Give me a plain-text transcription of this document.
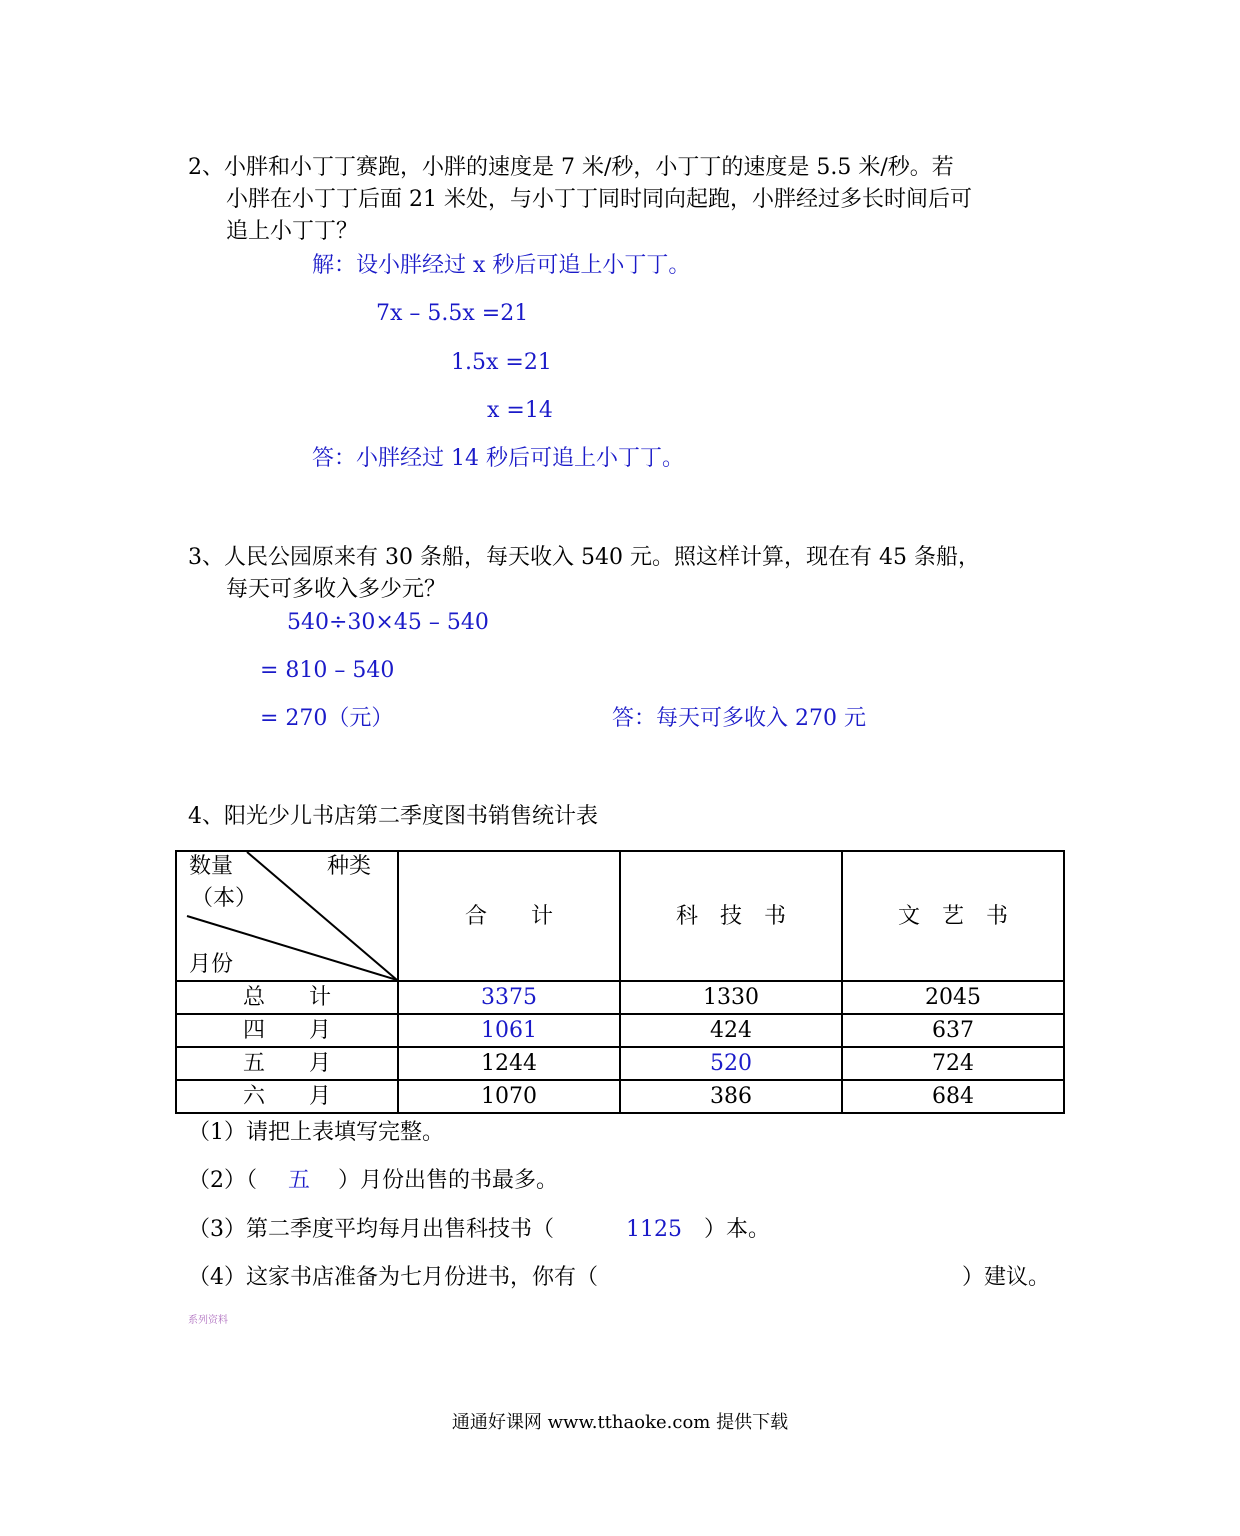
2、小胖和小丁丁赛跑，小胖的速度是 7 米/秒，小丁丁的速度是 5.5 米/秒。若
小胖在小丁丁后面 21 米处，与小丁丁同时同向起跑，小胖经过多长时间后可
追上小丁丁？
解：设小胖经过 x 秒后可追上小丁丁。
7x – 5.5x =21
1.5x =21
x =14
答：小胖经过 14 秒后可追上小丁丁。
3、人民公园原来有 30 条船，每天收入 540 元。照这样计算，现在有 45 条船，
每天可多收入多少元？
540÷30×45 – 540
= 810 – 540
= 270（元）	答：每天可多收入 270 元
4、阳光少儿书店第二季度图书销售统计表
数量
（本）
种类
月份	合　　计	科　技　书	文　艺　书
总　　计	3375	1330	2045
四　　月	1061	424	637
五　　月	1244	520	724
六　　月	1070	386	684
（1）请把上表填写完整。
（2）（ 五 ）月份出售的书最多。
（3）第二季度平均每月出售科技书（	1125 ）本。
（4）这家书店准备为七月份进书，你有（	）建议。
系列资料
通通好课网 www.tthaoke.com 提供下载
